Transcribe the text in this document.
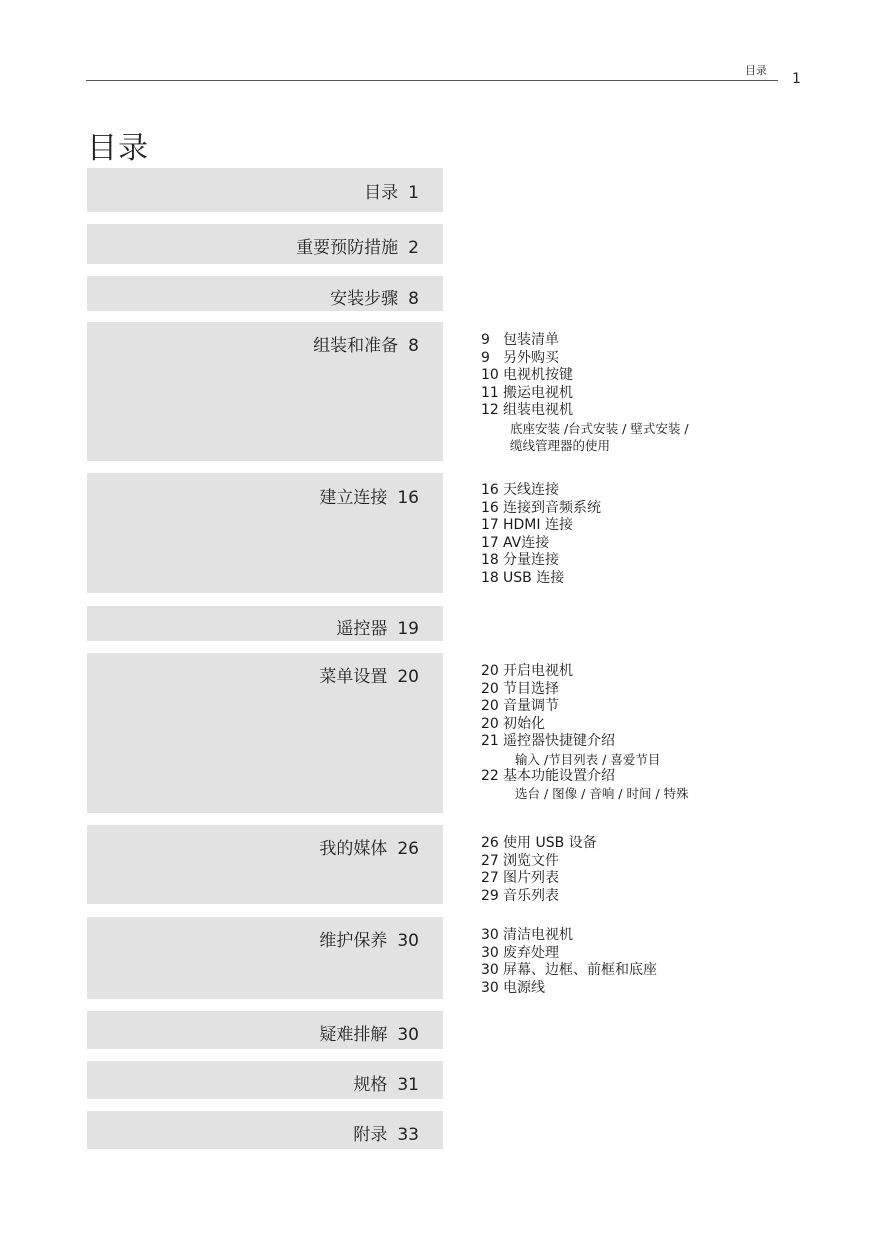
目录
1
目录
目录 1
重要预防措施 2
安装步骤 8
组装和准备 8
建立连接 16
遥控器 19
菜单设置 20
我的媒体 26
维护保养 30
疑难排解 30
规格 31
附录 33
9 包装清单
9 另外购买
10 电视机按键
11 搬运电视机
12 组装电视机
底座安装 /台式安装 / 壁式安装 /
缆线管理器的使用
16 天线连接
16 连接到音频系统
17 HDMI 连接
17 AV连接
18 分量连接
18 USB 连接
20 开启电视机
20 节目选择
20 音量调节
20 初始化
21 遥控器快捷键介绍
输入 /节目列表 / 喜爱节目
22 基本功能设置介绍
选台 / 图像 / 音响 / 时间 / 特殊
26 使用 USB 设备
27 浏览文件
27 图片列表
29 音乐列表
30 清洁电视机
30 废弃处理
30 屏幕、边框、前框和底座
30 电源线
